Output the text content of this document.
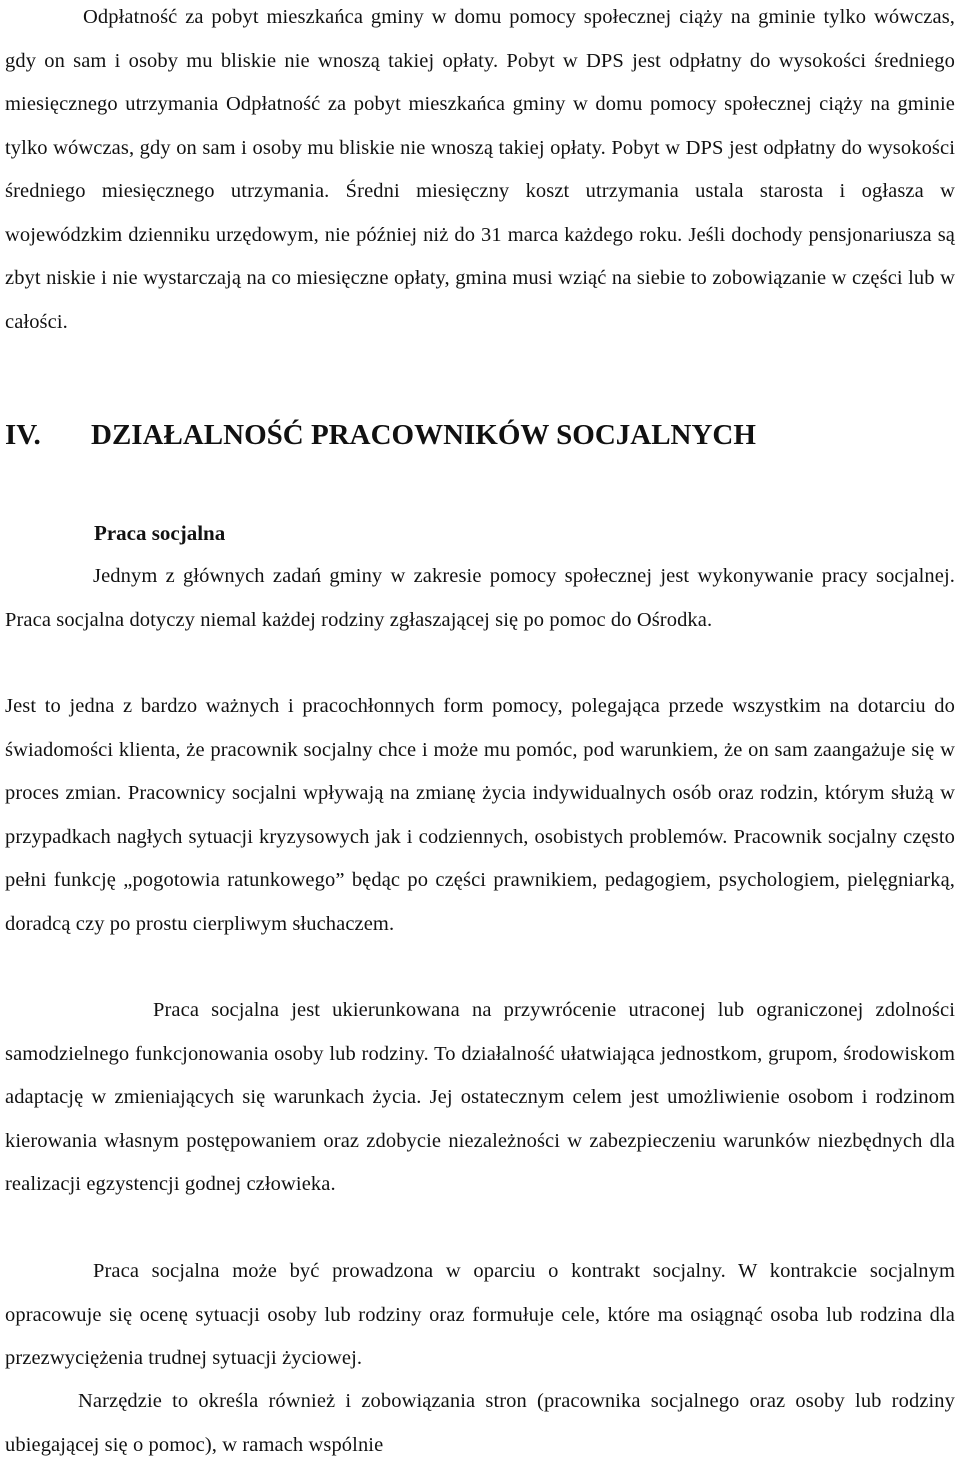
Odpłatność za pobyt mieszkańca gminy w domu pomocy społecznej ciąży na gminie tylko wówczas, gdy on sam i osoby mu bliskie nie wnoszą takiej opłaty. Pobyt w DPS jest odpłatny do wysokości średniego miesięcznego utrzymania Odpłatność za pobyt mieszkańca gminy w domu pomocy społecznej ciąży na gminie tylko wówczas, gdy on sam i osoby mu bliskie nie wnoszą takiej opłaty. Pobyt w DPS jest odpłatny do wysokości średniego miesięcznego utrzymania. Średni miesięczny koszt utrzymania ustala starosta i ogłasza w wojewódzkim dzienniku urzędowym, nie później niż do 31 marca każdego roku. Jeśli dochody pensjonariusza są zbyt niskie i nie wystarczają na co miesięczne opłaty, gmina musi wziąć na siebie to zobowiązanie w części lub w całości.

IV. DZIAŁALNOŚĆ PRACOWNIKÓW SOCJALNYCH
Praca socjalna

Jednym z głównych zadań gminy w zakresie pomocy społecznej jest wykonywanie pracy socjalnej. Praca socjalna dotyczy niemal każdej rodziny zgłaszającej się po pomoc do Ośrodka.

Jest to jedna z bardzo ważnych i pracochłonnych form pomocy, polegająca przede wszystkim na dotarciu do świadomości klienta, że pracownik socjalny chce i może mu pomóc, pod warunkiem, że on sam zaangażuje się w proces zmian. Pracownicy socjalni wpływają na zmianę życia indywidualnych osób oraz rodzin, którym służą w przypadkach nagłych sytuacji kryzysowych jak i codziennych, osobistych problemów. Pracownik socjalny często pełni funkcję „pogotowia ratunkowego” będąc po części prawnikiem, pedagogiem, psychologiem, pielęgniarką, doradcą czy po prostu cierpliwym słuchaczem.

Praca socjalna jest ukierunkowana na przywrócenie utraconej lub ograniczonej zdolności samodzielnego funkcjonowania osoby lub rodziny. To działalność ułatwiająca jednostkom, grupom, środowiskom adaptację w zmieniających się warunkach życia. Jej ostatecznym celem jest umożliwienie osobom i rodzinom kierowania własnym postępowaniem oraz zdobycie niezależności w zabezpieczeniu warunków niezbędnych dla realizacji egzystencji godnej człowieka.

Praca socjalna może być prowadzona w oparciu o kontrakt socjalny. W kontrakcie socjalnym opracowuje się ocenę sytuacji osoby lub rodziny oraz formułuje cele, które ma osiągnąć osoba lub rodzina dla przezwyciężenia trudnej sytuacji życiowej.

Narzędzie to określa również i zobowiązania stron (pracownika socjalnego oraz osoby lub rodziny ubiegającej się o pomoc), w ramach wspólnie
